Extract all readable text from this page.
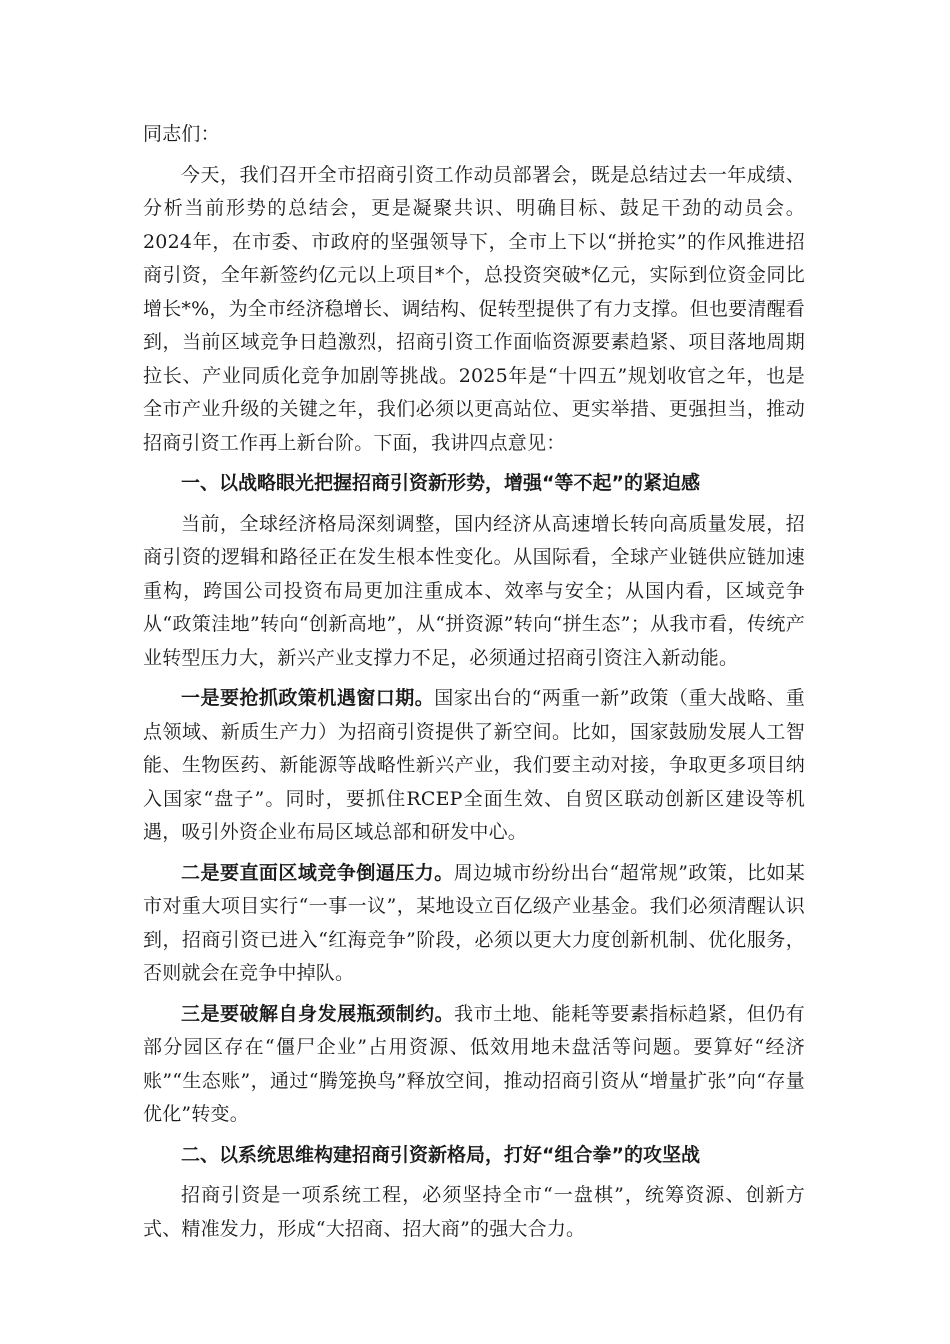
同志们：

今天，我们召开全市招商引资工作动员部署会，既是总结过去一年成绩、分析当前形势的总结会，更是凝聚共识、明确目标、鼓足干劲的动员会。2024年，在市委、市政府的坚强领导下，全市上下以“拼抢实”的作风推进招商引资，全年新签约亿元以上项目*个，总投资突破*亿元，实际到位资金同比增长*%，为全市经济稳增长、调结构、促转型提供了有力支撑。但也要清醒看到，当前区域竞争日趋激烈，招商引资工作面临资源要素趋紧、项目落地周期拉长、产业同质化竞争加剧等挑战。2025年是“十四五”规划收官之年，也是全市产业升级的关键之年，我们必须以更高站位、更实举措、更强担当，推动招商引资工作再上新台阶。下面，我讲四点意见：

一、以战略眼光把握招商引资新形势，增强“等不起”的紧迫感

当前，全球经济格局深刻调整，国内经济从高速增长转向高质量发展，招商引资的逻辑和路径正在发生根本性变化。从国际看，全球产业链供应链加速重构，跨国公司投资布局更加注重成本、效率与安全；从国内看，区域竞争从“政策洼地”转向“创新高地”，从“拼资源”转向“拼生态”；从我市看，传统产业转型压力大，新兴产业支撑力不足，必须通过招商引资注入新动能。

一是要抢抓政策机遇窗口期。国家出台的“两重一新”政策（重大战略、重点领域、新质生产力）为招商引资提供了新空间。比如，国家鼓励发展人工智能、生物医药、新能源等战略性新兴产业，我们要主动对接，争取更多项目纳入国家“盘子”。同时，要抓住RCEP全面生效、自贸区联动创新区建设等机遇，吸引外资企业布局区域总部和研发中心。

二是要直面区域竞争倒逼压力。周边城市纷纷出台“超常规”政策，比如某市对重大项目实行“一事一议”，某地设立百亿级产业基金。我们必须清醒认识到，招商引资已进入“红海竞争”阶段，必须以更大力度创新机制、优化服务，否则就会在竞争中掉队。

三是要破解自身发展瓶颈制约。我市土地、能耗等要素指标趋紧，但仍有部分园区存在“僵尸企业”占用资源、低效用地未盘活等问题。要算好“经济账”“生态账”，通过“腾笼换鸟”释放空间，推动招商引资从“增量扩张”向“存量优化”转变。

二、以系统思维构建招商引资新格局，打好“组合拳”的攻坚战

招商引资是一项系统工程，必须坚持全市“一盘棋”，统筹资源、创新方式、精准发力，形成“大招商、招大商”的强大合力。
